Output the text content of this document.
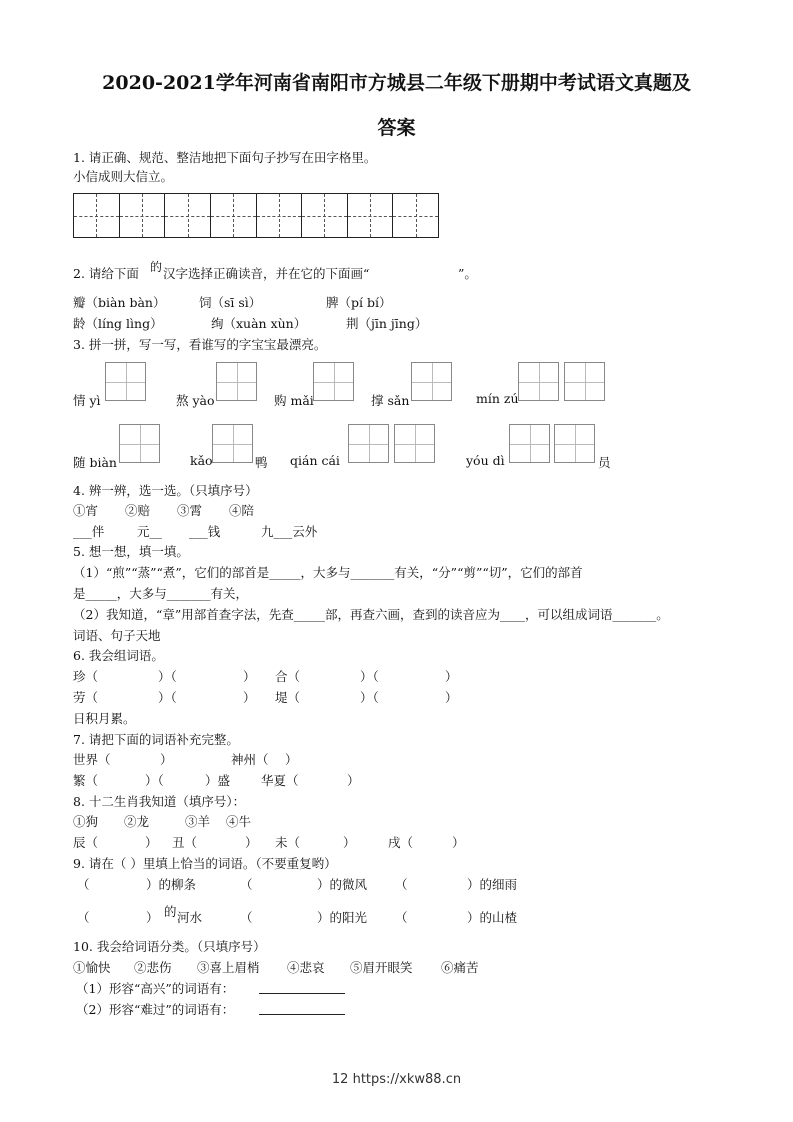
2020-2021学年河南省南阳市方城县二年级下册期中考试语文真题及
答案
1. 请正确、规范、整洁地把下面句子抄写在田字格里。
小信成则大信立。
2. 请给下面 的 汉字选择正确读音，并在它的下面画“	”。
瓣（biàn bàn）	饲（sī sì）	脾（pí bí）
龄（líng lìng）	绚（xuàn xùn）	荆（jīn jīng）
3. 拼一拼，写一写，看谁写的字宝宝最漂亮。
情 yì	熬 yào	购 mǎi	撑 sǎn	mín zú
随 biàn	kǎo	鸭 qián cái	yóu dì	员
4. 辨一辨，选一选。（只填序号）
①宵 ②赔 ③霄 ④陪
___伴	元__ ___钱	九___云外
5. 想一想，填一填。
（1）“煎”“蒸”“煮”，它们的部首是_____，大多与_______有关，“分”“剪”“切”，它们的部首
是_____，大多与_______有关，
（2）我知道，“章”用部首查字法，先查_____部，再查六画，查到的读音应为____，可以组成词语_______。
词语、句子天地
6. 我会组词语。
珍（	）（	） 合（	）（	）
劳（	）（	） 堤（	）（	）
日积月累。
7. 请把下面的词语补充完整。
世界（	）	神州（ ）
繁（	）（	）盛 华夏（	）
8. 十二生肖我知道（填序号）：
①狗 ②龙	③羊 ④牛
辰（	） 丑（	） 未（	）	戌（	）
9. 请在（ ）里填上恰当的词语。（不要重复哟）
（	）的柳条	（	）的微风 （	）的细雨
（	） 的 河水	（	）的阳光 （	）的山楂
10. 我会给词语分类。（只填序号）
①愉快 ②悲伤 ③喜上眉梢 ④悲哀 ⑤眉开眼笑 ⑥痛苦
（1）形容“高兴”的词语有：
（2）形容“难过”的词语有：
12 https://xkw88.cn
